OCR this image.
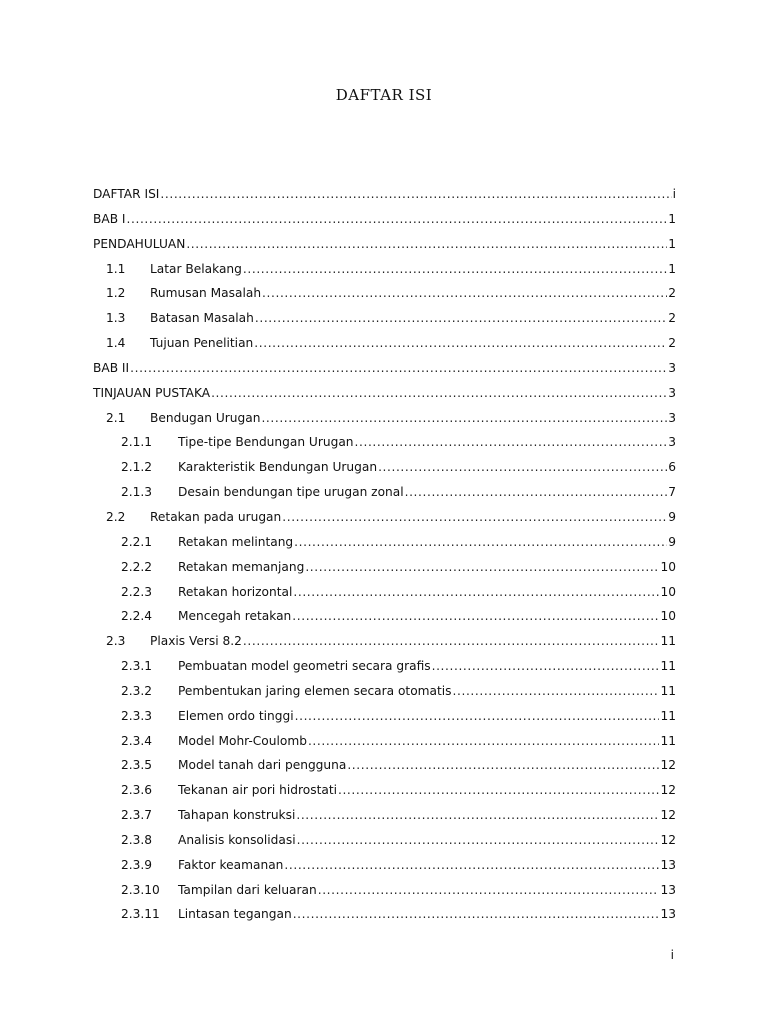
DAFTAR ISI
DAFTAR ISI .....	i
BAB I .....	1
PENDAHULUAN .....	1
1.1	Latar Belakang .....	1
1.2	Rumusan Masalah .....	2
1.3	Batasan Masalah .....	2
1.4	Tujuan Penelitian .....	2
BAB II .....	3
TINJAUAN PUSTAKA .....	3
2.1	Bendugan Urugan .....	3
2.1.1	Tipe-tipe Bendungan Urugan .....	3
2.1.2	Karakteristik Bendungan Urugan .....	6
2.1.3	Desain bendungan tipe urugan zonal .....	7
2.2	Retakan pada urugan .....	9
2.2.1	Retakan melintang .....	9
2.2.2	Retakan memanjang .....	10
2.2.3	Retakan horizontal .....	10
2.2.4	Mencegah retakan .....	10
2.3	Plaxis Versi 8.2 .....	11
2.3.1	Pembuatan model geometri secara grafis .....	11
2.3.2	Pembentukan jaring elemen secara otomatis .....	11
2.3.3	Elemen ordo tinggi .....	11
2.3.4	Model Mohr-Coulomb .....	11
2.3.5	Model tanah dari pengguna .....	12
2.3.6	Tekanan air pori hidrostati .....	12
2.3.7	Tahapan konstruksi .....	12
2.3.8	Analisis konsolidasi .....	12
2.3.9	Faktor keamanan .....	13
2.3.10	Tampilan dari keluaran .....	13
2.3.11	Lintasan tegangan .....	13
i
